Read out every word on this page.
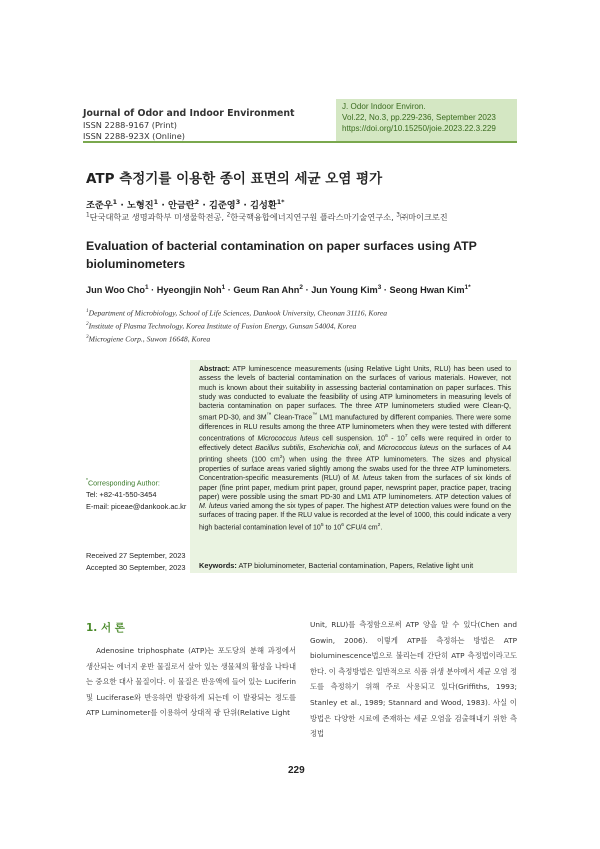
Journal of Odor and Indoor Environment
ISSN 2288-9167 (Print)
ISSN 2288-923X (Online)
J. Odor Indoor Environ.
Vol.22, No.3, pp.229-236, September 2023
https://doi.org/10.15250/joie.2023.22.3.229
ATP 측정기를 이용한 종이 표면의 세균 오염 평가
조준우$^1$ · 노형진$^1$ · 안금란$^2$ · 김준영$^3$ · 김성환$^{1*}$
$^1$단국대학교 생명과학부 미생물학전공, $^2$한국핵융합에너지연구원 플라스마기술연구소, $^3$㈜마이크로진
Evaluation of bacterial contamination on paper surfaces using ATP
bioluminometers
Jun Woo Cho$^1$ · Hyeongjin Noh$^1$ · Geum Ran Ahn$^2$ · Jun Young Kim$^3$ · Seong Hwan Kim$^{1*}$
$^1$Department of Microbiology, School of Life Sciences, Dankook University, Cheonan 31116, Korea
$^2$Institute of Plasma Technology, Korea Institute of Fusion Energy, Gunsan 54004, Korea
$^3$Microgiene Corp., Suwon 16648, Korea
Abstract: ATP luminescence measurements (using Relative Light Units, RLU) has been used to assess the levels of bacterial contamination on the surfaces of various materials. However, not much is known about their suitability in assessing bacterial contamination on paper surfaces. This study was conducted to evaluate the feasibility of using ATP luminometers in measuring levels of bacteria contamination on paper surfaces. The three ATP luminometers studied were Clean-Q, smart PD-30, and 3M™ Clean-Trace™ LM1 manufactured by different companies. There were some differences in RLU results among the three ATP luminometers when they were tested with different concentrations of Micrococcus luteus cell suspension. $10^6 - 10^7$ cells were required in order to effectively detect Bacillus subtilis, Escherichia coli, and Micrococcus luteus on the surfaces of A4 printing sheets (100 $cm^2$) when using the three ATP luminometers. The sizes and physical properties of surface areas varied slightly among the swabs used for the three ATP luminometers. Concentration-specific measurements (RLU) of M. luteus taken from the surfaces of six kinds of paper (fine print paper, medium print paper, ground paper, newsprint paper, practice paper, tracing paper) were possible using the smart PD-30 and LM1 ATP luminometers. ATP detection values of M. luteus varied among the six types of paper. The highest ATP detection values were found on the surfaces of tracing paper. If the RLU value is recorded at the level of 1000, this could indicate a very high bacterial contamination level of $10^5$ to $10^6$ CFU/4 $cm^2$.
Keywords: ATP bioluminometer, Bacterial contamination, Papers, Relative light unit
*Corresponding Author:
Tel: +82-41-550-3454
E-mail: piceae@dankook.ac.kr
Received 27 September, 2023
Accepted 30 September, 2023
1. 서 론
Adenosine triphosphate (ATP)는 포도당의 분해 과정에서 생산되는 에너지 운반 물질로서 살아 있는 생물체의 활성을 나타내는 중요한 대사 물질이다. 이 물질은 반응액에 들어 있는 Luciferin 및 Luciferase와 반응하면 발광하게 되는데 이 발광되는 정도를 ATP Luminometer를 이용하여 상대적 광 단위(Relative Light
Unit, RLU)를 측정함으로써 ATP 양을 알 수 있다(Chen and Gowin, 2006). 이렇게 ATP를 측정하는 방법은 ATP bioluminescence법으로 불리는데 간단히 ATP 측정법이라고도 한다. 이 측정방법은 일반적으로 식품 위생 분야에서 세균 오염 정도를 측정하기 위해 주로 사용되고 있다(Griffiths, 1993; Stanley et al., 1989; Stannard and Wood, 1983). 사실 이 방법은 다양한 시료에 존재하는 세균 오염을 검출해내기 위한 측정법
229
